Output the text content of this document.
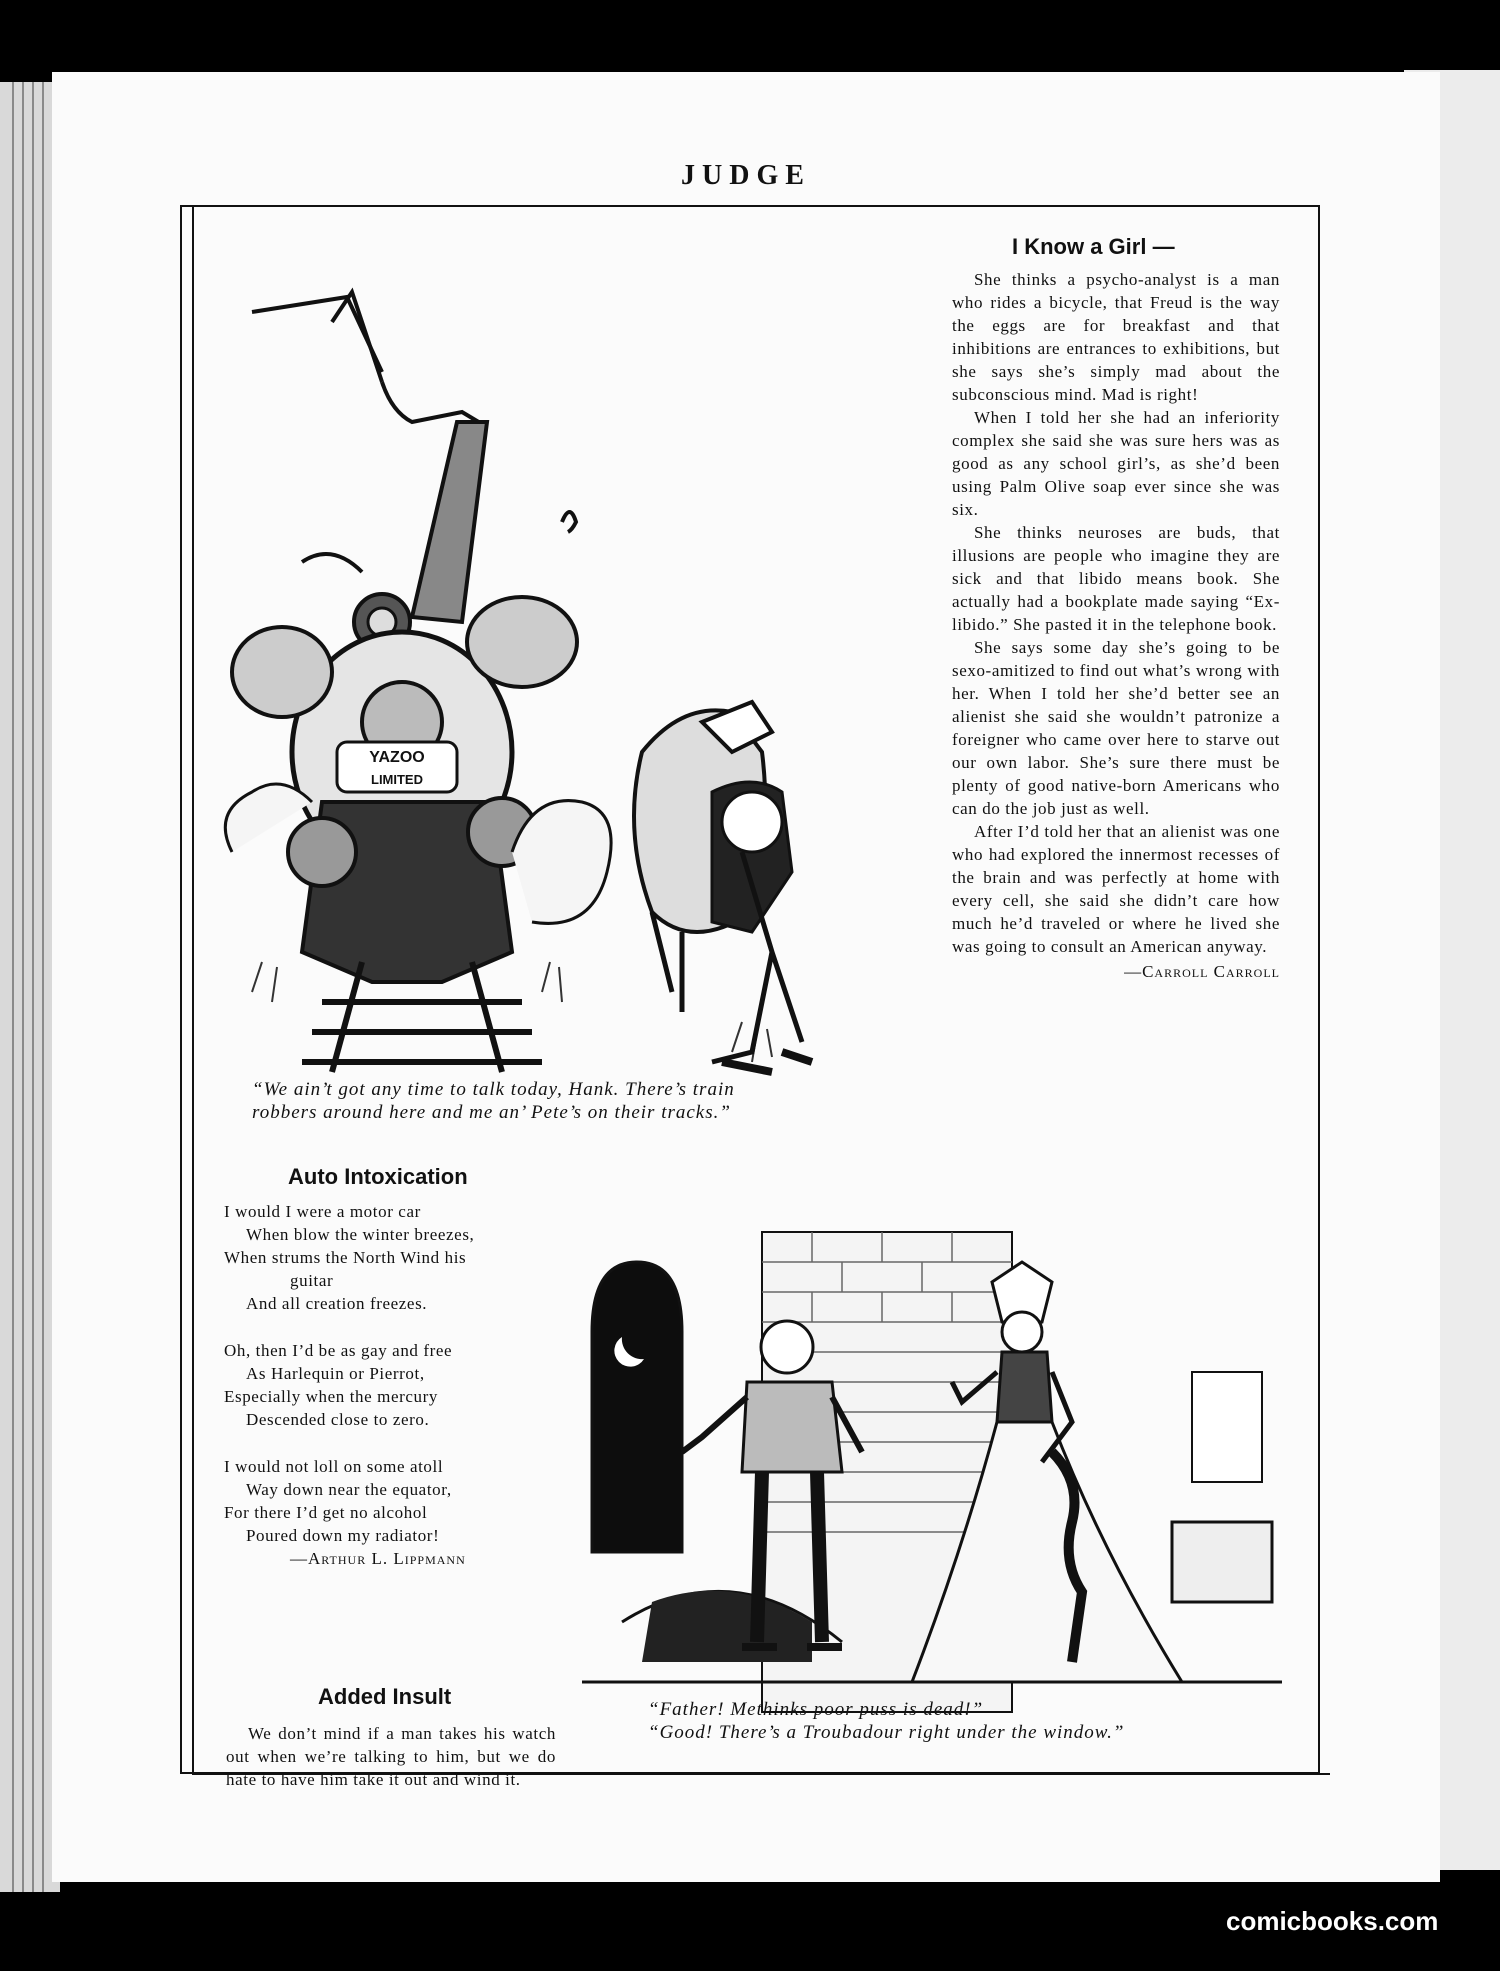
JUDGE
YAZOO
LIMITED
“We ain’t got any time to talk today, Hank. There’s train
robbers around here and me an’ Pete’s on their tracks.”
I Know a Girl —

She thinks a psycho-analyst is a man who rides a bicycle, that Freud is the way the eggs are for breakfast and that inhibitions are entrances to exhibitions, but she says she’s simply mad about the subconscious mind. Mad is right!

When I told her she had an inferiority complex she said she was sure hers was as good as any school girl’s, as she’d been using Palm Olive soap ever since she was six.

She thinks neuroses are buds, that illusions are people who imagine they are sick and that libido means book. She actually had a bookplate made saying “Ex-libido.” She pasted it in the telephone book.

She says some day she’s going to be sexo-amitized to find out what’s wrong with her. When I told her she’d better see an alienist she said she wouldn’t patronize a foreigner who came over here to starve out our own labor. She’s sure there must be plenty of good native-born Americans who can do the job just as well.

After I’d told her that an alienist was one who had explored the innermost recesses of the brain and was perfectly at home with every cell, she said she didn’t care how much he’d traveled or where he lived she was going to consult an American anyway.

—Carroll Carroll
Auto Intoxication
I would I were a motor car
When blow the winter breezes,
When strums the North Wind his
guitar
And all creation freezes.
Oh, then I’d be as gay and free
As Harlequin or Pierrot,
Especially when the mercury
Descended close to zero.
I would not loll on some atoll
Way down near the equator,
For there I’d get no alcohol
Poured down my radiator!
—Arthur L. Lippmann
Added Insult

We don’t mind if a man takes his watch out when we’re talking to him, but we do hate to have him take it out and wind it.

“Father! Methinks poor puss is dead!”
“Good! There’s a Troubadour right under the window.”
comicbooks.com
